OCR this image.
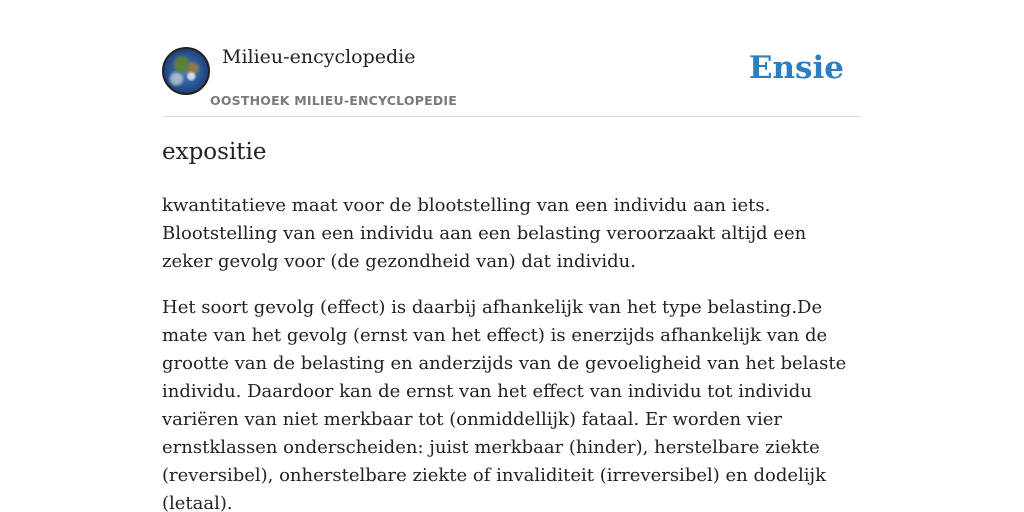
Milieu-encyclopedie
OOSTHOEK MILIEU-ENCYCLOPEDIE
Ensie
expositie

kwantitatieve maat voor de blootstelling van een individu aan iets. Blootstelling van een individu aan een belasting veroorzaakt altijd een zeker gevolg voor (de gezondheid van) dat individu.

Het soort gevolg (effect) is daarbij afhankelijk van het type belasting.De mate van het gevolg (ernst van het effect) is enerzijds afhankelijk van de grootte van de belasting en anderzijds van de gevoeligheid van het belaste individu. Daardoor kan de ernst van het effect van individu tot individu variëren van niet merkbaar tot (onmiddellijk) fataal. Er worden vier ernstklassen onderscheiden: juist merkbaar (hinder), herstelbare ziekte (reversibel), onherstelbare ziekte of invaliditeit (irreversibel) en dodelijk (letaal).
